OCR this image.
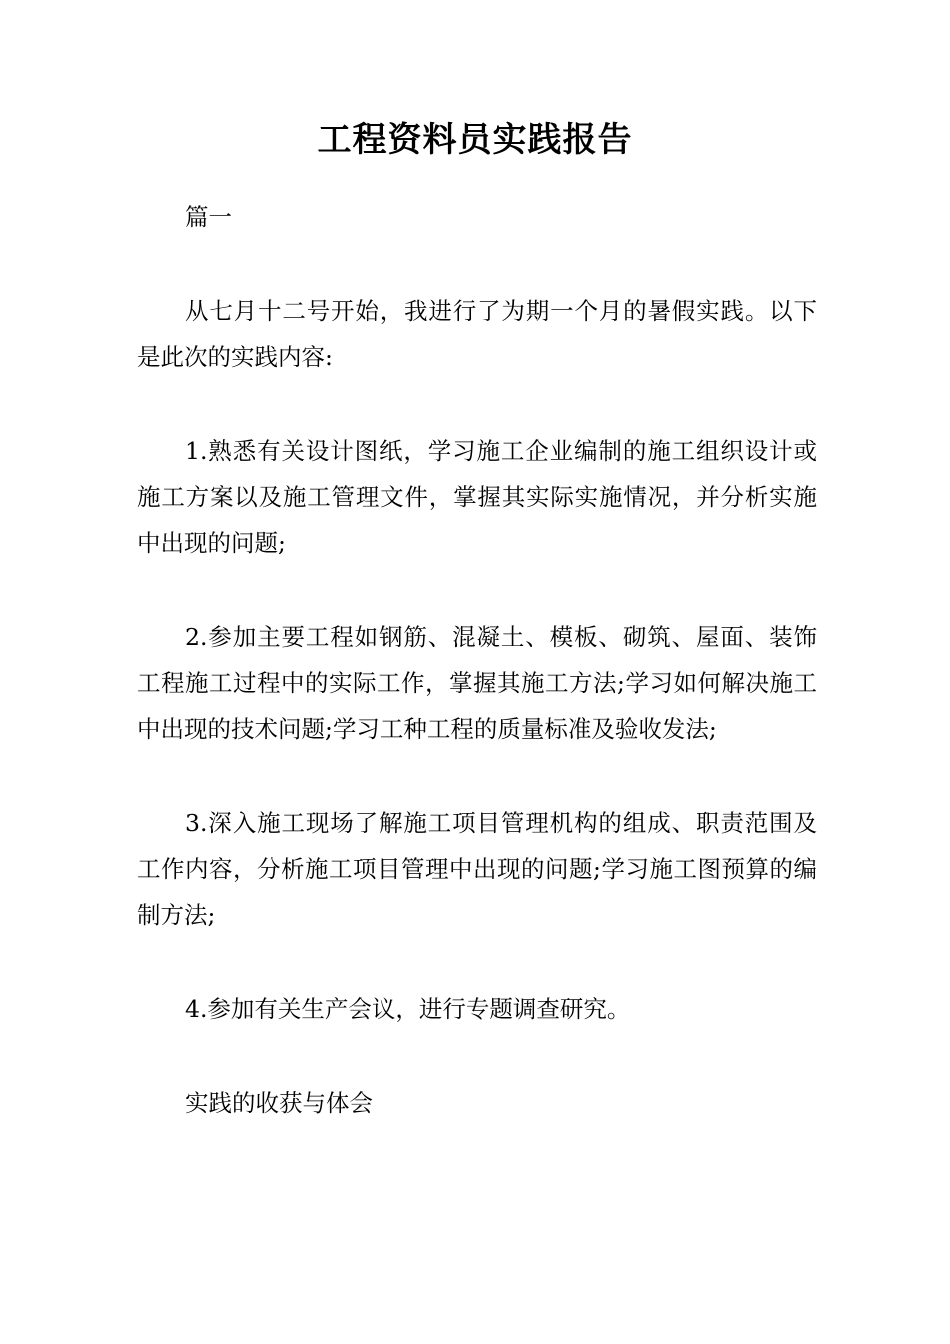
工程资料员实践报告

篇一

从七月十二号开始，我进行了为期一个月的暑假实践。以下是此次的实践内容:

1.熟悉有关设计图纸，学习施工企业编制的施工组织设计或施工方案以及施工管理文件，掌握其实际实施情况，并分析实施中出现的问题;

2.参加主要工程如钢筋、混凝土、模板、砌筑、屋面、装饰工程施工过程中的实际工作，掌握其施工方法;学习如何解决施工中出现的技术问题;学习工种工程的质量标准及验收发法;

3.深入施工现场了解施工项目管理机构的组成、职责范围及工作内容，分析施工项目管理中出现的问题;学习施工图预算的编制方法;

4.参加有关生产会议，进行专题调查研究。

实践的收获与体会
